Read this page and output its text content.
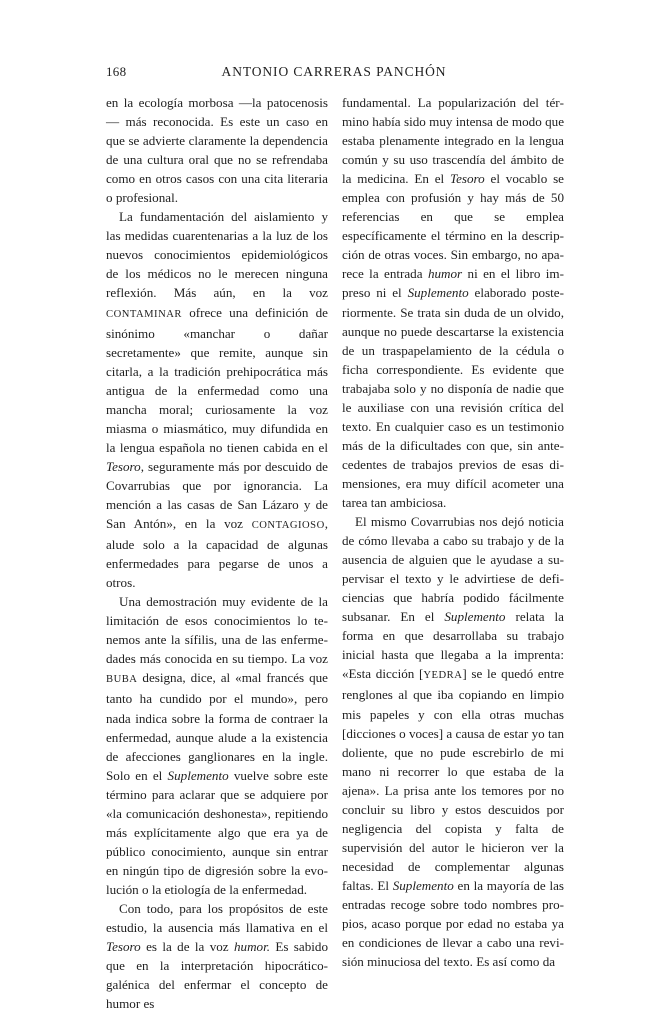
168	ANTONIO CARRERAS PANCHÓN

en la ecología morbosa —la patocenosis— más reconocida. Es este un caso en que se advierte claramente la dependencia de una cultura oral que no se refrendaba como en otros casos con una cita literaria o profesional.

La fundamentación del aislamiento y las medidas cuarentenarias a la luz de los nuevos conocimientos epidemiológicos de los médicos no le merecen ninguna reflexión. Más aún, en la voz CONTAMINAR ofrece una definición de sinónimo «manchar o dañar secretamente» que remite, aunque sin citarla, a la tradición prehipocrática más antigua de la enfermedad como una mancha moral; curiosamente la voz miasma o miasmático, muy difundida en la lengua española no tienen cabida en el Tesoro, seguramente más por descuido de Covarrubias que por ignorancia. La mención a las casas de San Lázaro y de San Antón», en la voz CONTAGIOSO, alude solo a la capacidad de algunas enfermedades para pegarse de unos a otros.

Una demostración muy evidente de la limitación de esos conocimientos lo tenemos ante la sífilis, una de las enfermedades más conocida en su tiempo. La voz BUBA designa, dice, al «mal francés que tanto ha cundido por el mundo», pero nada indica sobre la forma de contraer la enfermedad, aunque alude a la existencia de afecciones ganglionares en la ingle. Solo en el Suplemento vuelve sobre este término para aclarar que se adquiere por «la comunicación deshonesta», repitiendo más explícitamente algo que era ya de público conocimiento, aunque sin entrar en ningún tipo de digresión sobre la evolución o la etiología de la enfermedad.

Con todo, para los propósitos de este estudio, la ausencia más llamativa en el Tesoro es la de la voz humor. Es sabido que en la interpretación hipocrático-galénica del enfermar el concepto de humor es

fundamental. La popularización del término había sido muy intensa de modo que estaba plenamente integrado en la lengua común y su uso trascendía del ámbito de la medicina. En el Tesoro el vocablo se emplea con profusión y hay más de 50 referencias en que se emplea específicamente el término en la descripción de otras voces. Sin embargo, no aparece la entrada humor ni en el libro impreso ni el Suplemento elaborado posteriormente. Se trata sin duda de un olvido, aunque no puede descartarse la existencia de un traspapelamiento de la cédula o ficha correspondiente. Es evidente que trabajaba solo y no disponía de nadie que le auxiliase con una revisión crítica del texto. En cualquier caso es un testimonio más de la dificultades con que, sin antecedentes de trabajos previos de esas dimensiones, era muy difícil acometer una tarea tan ambiciosa.

El mismo Covarrubias nos dejó noticia de cómo llevaba a cabo su trabajo y de la ausencia de alguien que le ayudase a supervisar el texto y le advirtiese de deficiencias que habría podido fácilmente subsanar. En el Suplemento relata la forma en que desarrollaba su trabajo inicial hasta que llegaba a la imprenta: «Esta dicción [YEDRA] se le quedó entre renglones al que iba copiando en limpio mis papeles y con ella otras muchas [dicciones o voces] a causa de estar yo tan doliente, que no pude escrebirlo de mi mano ni recorrer lo que estaba de la ajena». La prisa ante los temores por no concluir su libro y estos descuidos por negligencia del copista y falta de supervisión del autor le hicieron ver la necesidad de complementar algunas faltas. El Suplemento en la mayoría de las entradas recoge sobre todo nombres propios, acaso porque por edad no estaba ya en condiciones de llevar a cabo una revisión minuciosa del texto. Es así como da
